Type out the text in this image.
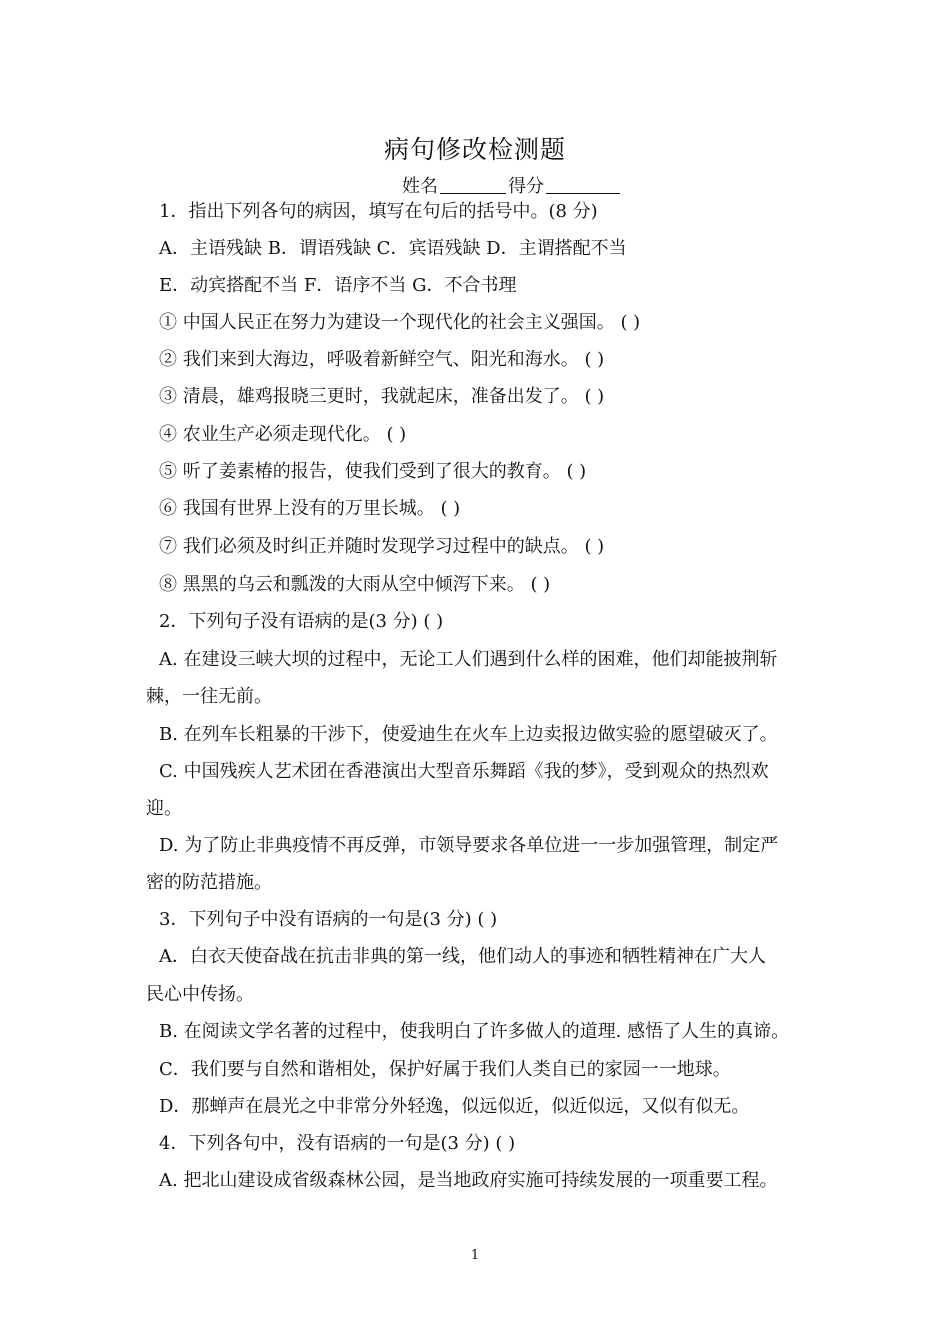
病句修改检测题
姓名	得分
1．指出下列各句的病因，填写在句后的括号中。(8 分)
A．主语残缺 B．谓语残缺 C．宾语残缺 D．主谓搭配不当
E．动宾搭配不当 F．语序不当 G．不合书理
① 中国人民正在努力为建设一个现代化的社会主义强国。 ( )
② 我们来到大海边，呼吸着新鲜空气、阳光和海水。 ( )
③ 清晨，雄鸡报晓三更时，我就起床，准备出发了。 ( )
④ 农业生产必须走现代化。 ( )
⑤ 听了姜素椿的报告，使我们受到了很大的教育。 ( )
⑥ 我国有世界上没有的万里长城。 ( )
⑦ 我们必须及时纠正并随时发现学习过程中的缺点。 ( )
⑧ 黑黑的乌云和瓢泼的大雨从空中倾泻下来。 ( )
2．下列句子没有语病的是(3 分) ( )
A. 在建设三峡大坝的过程中，无论工人们遇到什么样的困难，他们却能披荆斩
棘，一往无前。
B. 在列车长粗暴的干涉下，使爱迪生在火车上边卖报边做实验的愿望破灭了。
C. 中国残疾人艺术团在香港演出大型音乐舞蹈《我的梦》，受到观众的热烈欢
迎。
D. 为了防止非典疫情不再反弹，市领导要求各单位进一一步加强管理，制定严
密的防范措施。
3．下列句子中没有语病的一句是(3 分) ( )
A．白衣天使奋战在抗击非典的第一线，他们动人的事迹和牺牲精神在广大人
民心中传扬。
B. 在阅读文学名著的过程中，使我明白了许多做人的道理. 感悟了人生的真谛。
C．我们要与自然和谐相处，保护好属于我们人类自已的家园一一地球。
D．那蝉声在晨光之中非常分外轻逸，似远似近，似近似远，又似有似无。
4．下列各句中，没有语病的一句是(3 分) ( )
A. 把北山建设成省级森林公园，是当地政府实施可持续发展的一项重要工程。
1
